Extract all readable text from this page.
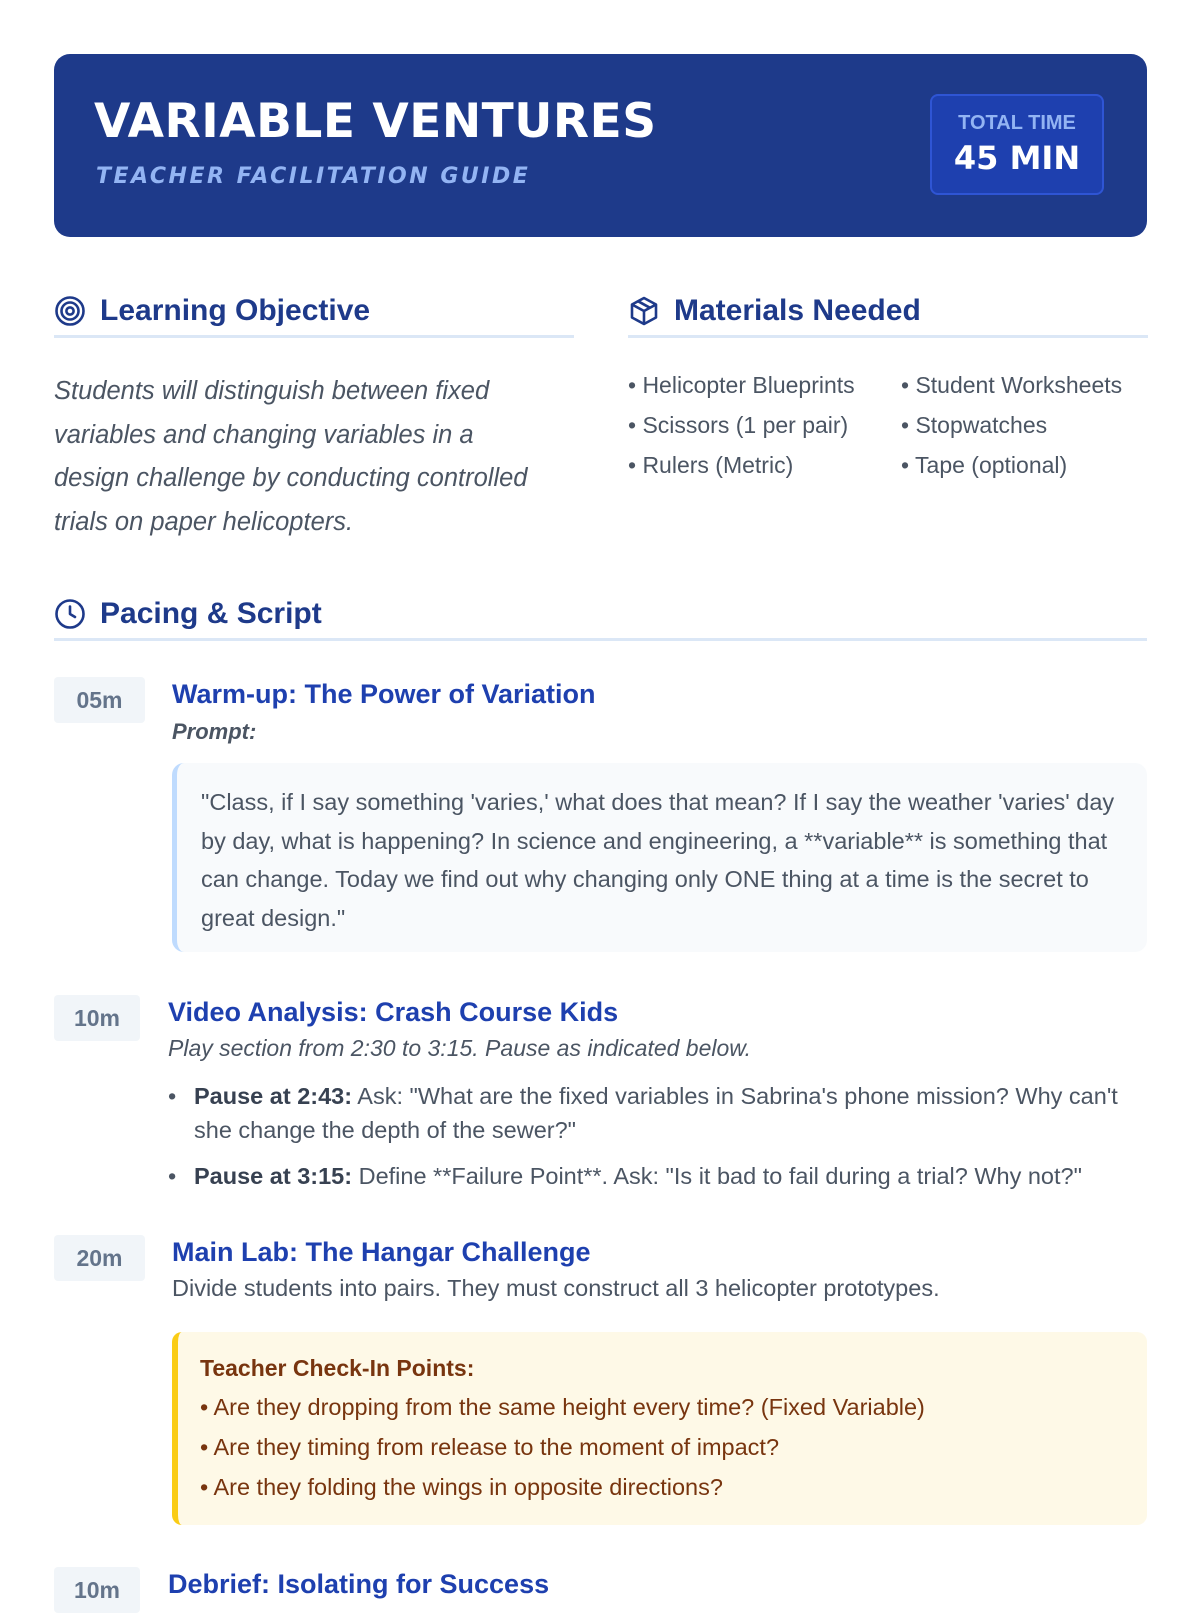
VARIABLE VENTURES
TEACHER FACILITATION GUIDE
TOTAL TIME
45 MIN
Learning Objective
Students will distinguish between fixed variables and changing variables in a design challenge by conducting controlled trials on paper helicopters.
Materials Needed
• Helicopter Blueprints	• Student Worksheets
• Scissors (1 per pair)	• Stopwatches
• Rulers (Metric)	• Tape (optional)
Pacing & Script
05m	Warm-up: The Power of Variation
Prompt:
"Class, if I say something 'varies,' what does that mean? If I say the weather 'varies' day by day, what is happening? In science and engineering, a **variable** is something that can change. Today we find out why changing only ONE thing at a time is the secret to great design."
10m	Video Analysis: Crash Course Kids
Play section from 2:30 to 3:15. Pause as indicated below.
• Pause at 2:43: Ask: "What are the fixed variables in Sabrina's phone mission? Why can't she change the depth of the sewer?"
• Pause at 3:15: Define **Failure Point**. Ask: "Is it bad to fail during a trial? Why not?"
20m	Main Lab: The Hangar Challenge
Divide students into pairs. They must construct all 3 helicopter prototypes.
Teacher Check-In Points:
• Are they dropping from the same height every time? (Fixed Variable)
• Are they timing from release to the moment of impact?
• Are they folding the wings in opposite directions?
10m	Debrief: Isolating for Success
